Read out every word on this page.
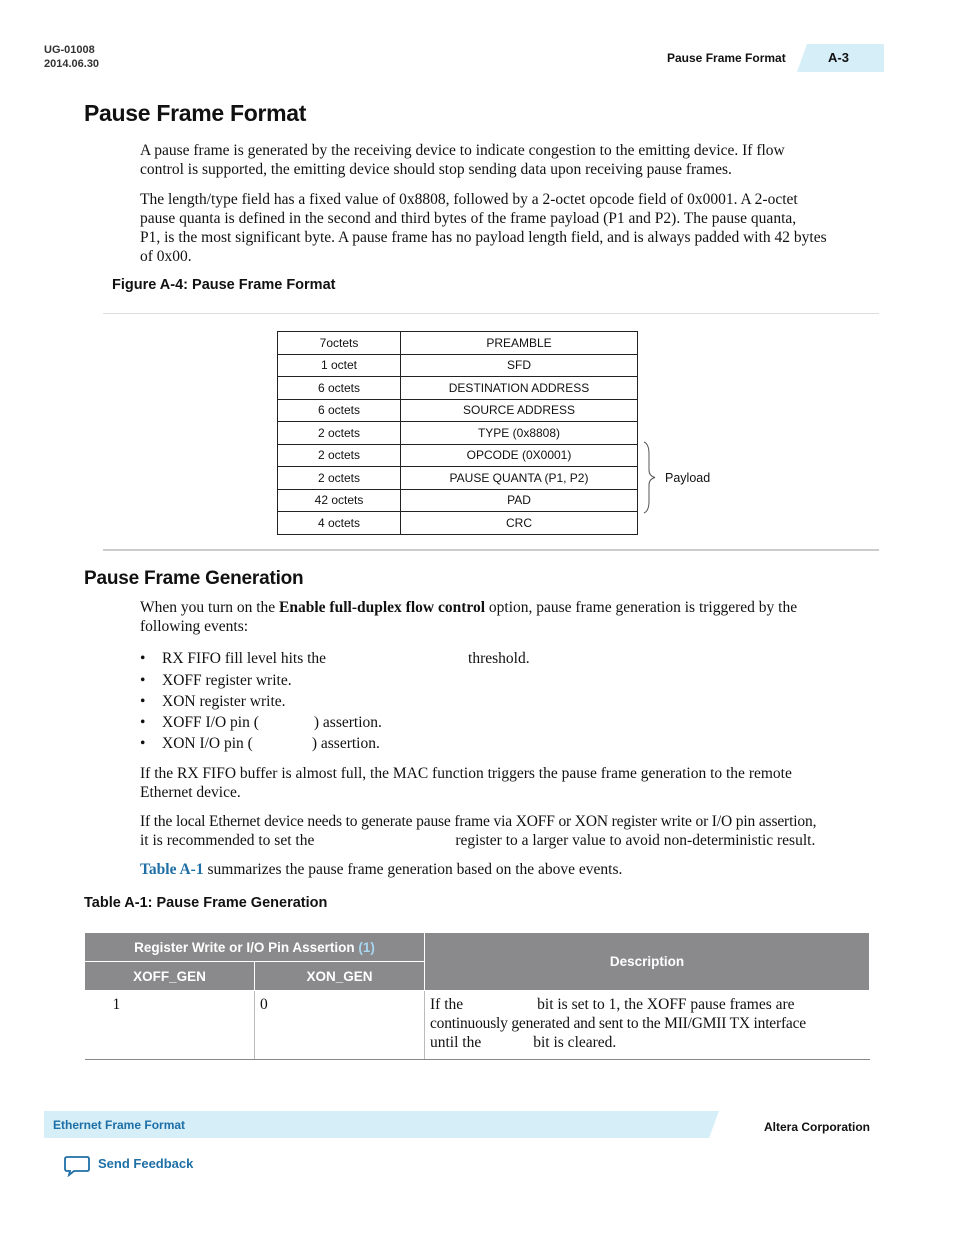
UG-01008
2014.06.30	Pause Frame Format	A-3
Pause Frame Format
A pause frame is generated by the receiving device to indicate congestion to the emitting device. If flow
control is supported, the emitting device should stop sending data upon receiving pause frames.
The length/type field has a fixed value of 0x8808, followed by a 2-octet opcode field of 0x0001. A 2-octet
pause quanta is defined in the second and third bytes of the frame payload (P1 and P2). The pause quanta,
P1, is the most significant byte. A pause frame has no payload length field, and is always padded with 42 bytes
of 0x00.
Figure A-4: Pause Frame Format
7octets	PREAMBLE
1 octet	SFD
6 octets	DESTINATION ADDRESS
6 octets	SOURCE ADDRESS
2 octets	TYPE (0x8808)
2 octets	OPCODE (0X0001)
2 octets	PAUSE QUANTA (P1, P2)
42 octets	PAD
4 octets	CRC
Payload
Pause Frame Generation
When you turn on the Enable full-duplex flow control option, pause frame generation is triggered by the
following events:
• RX FIFO fill level hits the	threshold.
• XOFF register write.
• XON register write.
• XOFF I/O pin (	) assertion.
• XON I/O pin (	) assertion.
If the RX FIFO buffer is almost full, the MAC function triggers the pause frame generation to the remote
Ethernet device.
If the local Ethernet device needs to generate pause frame via XOFF or XON register write or I/O pin assertion,
it is recommended to set the	register to a larger value to avoid non-deterministic result.
Table A-1 summarizes the pause frame generation based on the above events.
Table A-1: Pause Frame Generation
Register Write or I/O Pin Assertion (1)		Description
XOFF_GEN	XON_GEN	
1	0	If the bit is set to 1, the XOFF pause frames are
continuously generated and sent to the MII/GMII TX interface
until the bit is cleared.
Ethernet Frame Format	Altera Corporation
Send Feedback
